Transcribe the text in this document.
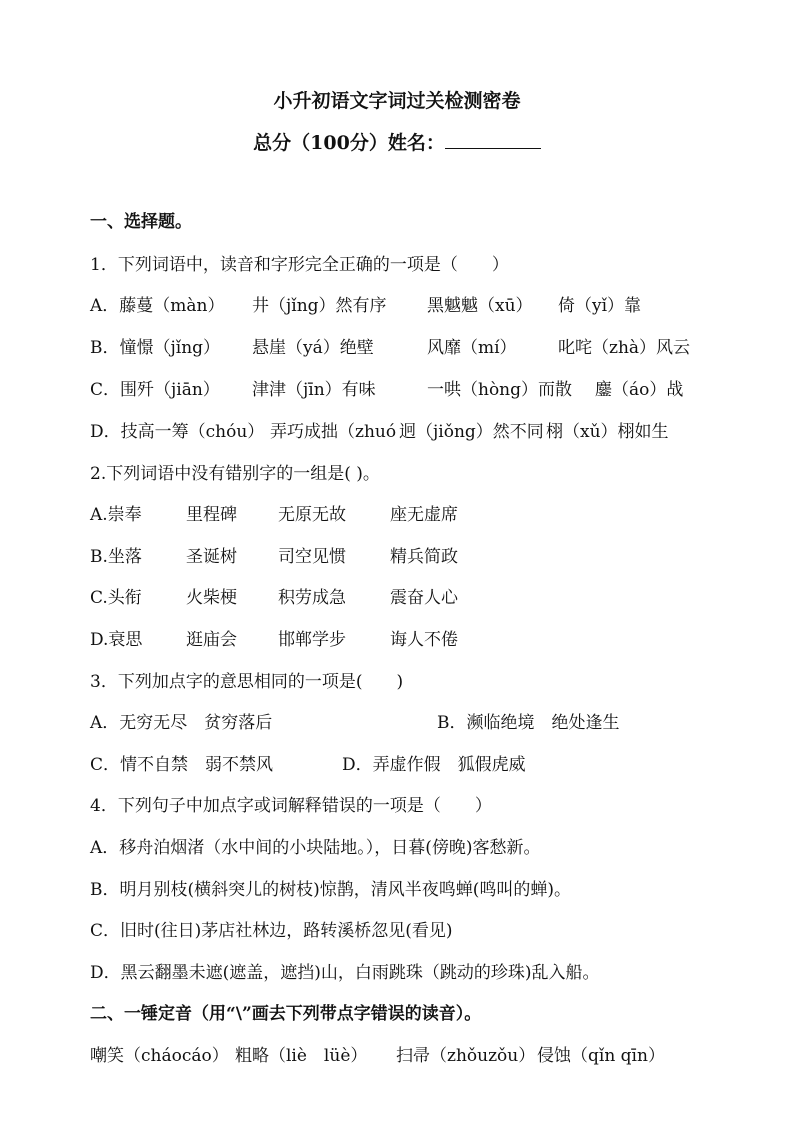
小升初语文字词过关检测密卷
总分（100分）姓名：
一、选择题。
1．下列词语中，读音和字形完全正确的一项是（　　）
A．藤蔓（màn） 井（jǐng）然有序 黑魆魆（xū） 倚（yǐ）靠
B．憧憬（jǐng） 悬崖（yá）绝壁	风靡（mí） 叱咤（zhà）风云
C．围歼（jiān） 津津（jīn）有味	一哄（hòng）而散 鏖（áo）战
D．技高一筹（chóu） 弄巧成拙（zhuó 迥（jiǒng）然不同 栩（xǔ）栩如生
2.下列词语中没有错别字的一组是( )。
A.崇奉	里程碑 无原无故	座无虚席
B.坐落	圣诞树 司空见惯	精兵简政
C.头衔	火柴梗 积劳成急	震奋人心
D.衰思	逛庙会 邯郸学步	诲人不倦
3．下列加点字的意思相同的一项是(　　)
A．无穷无尽　贫穷落后	B．濒临绝境　绝处逢生
C．情不自禁　弱不禁风	D．弄虚作假　狐假虎威
4．下列句子中加点字或词解释错误的一项是（　　）
A．移舟泊烟渚（水中间的小块陆地。），日暮(傍晚)客愁新。
B．明月别枝(横斜突儿的树枝)惊鹊，清风半夜鸣蝉(鸣叫的蝉)。
C．旧时(往日)茅店社林边，路转溪桥忽见(看见)
D．黑云翻墨未遮(遮盖，遮挡)山，白雨跳珠（跳动的珍珠)乱入船。
二、一锤定音（用“\”画去下列带点字错误的读音）。
嘲笑（cháocáo） 粗略（liè　lüè） 扫帚（zhǒuzǒu） 侵蚀（qǐn qīn）
